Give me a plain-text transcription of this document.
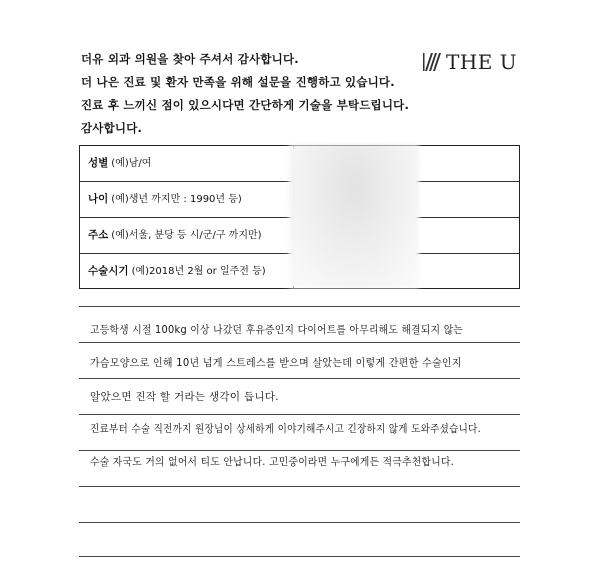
더유 외과 의원을 찾아 주셔서 감사합니다.
더 나은 진료 및 환자 만족을 위해 설문을 진행하고 있습니다.
진료 후 느끼신 점이 있으시다면 간단하게 기술을 부탁드립니다.
감사합니다.
THE U
성별 (예)남/여
나이 (예)생년 까지만 : 1990년 등)
주소 (예)서울, 분당 등 시/군/구 까지만)
수술시기 (예)2018년 2월 or 일주전 등)
고등학생 시절 100kg 이상 나갔던 후유증인지 다이어트를 아무리해도 해결되지 않는
가슴모양으로 인해 10년 넘게 스트레스를 받으며 살았는데 이렇게 간편한 수술인지
알았으면 진작 할 거라는 생각이 듭니다.
진료부터 수술 직전까지 원장님이 상세하게 이야기해주시고 긴장하지 않게 도와주셨습니다.
수술 자국도 거의 없어서 티도 안납니다. 고민중이라면 누구에게든 적극추천합니다.
